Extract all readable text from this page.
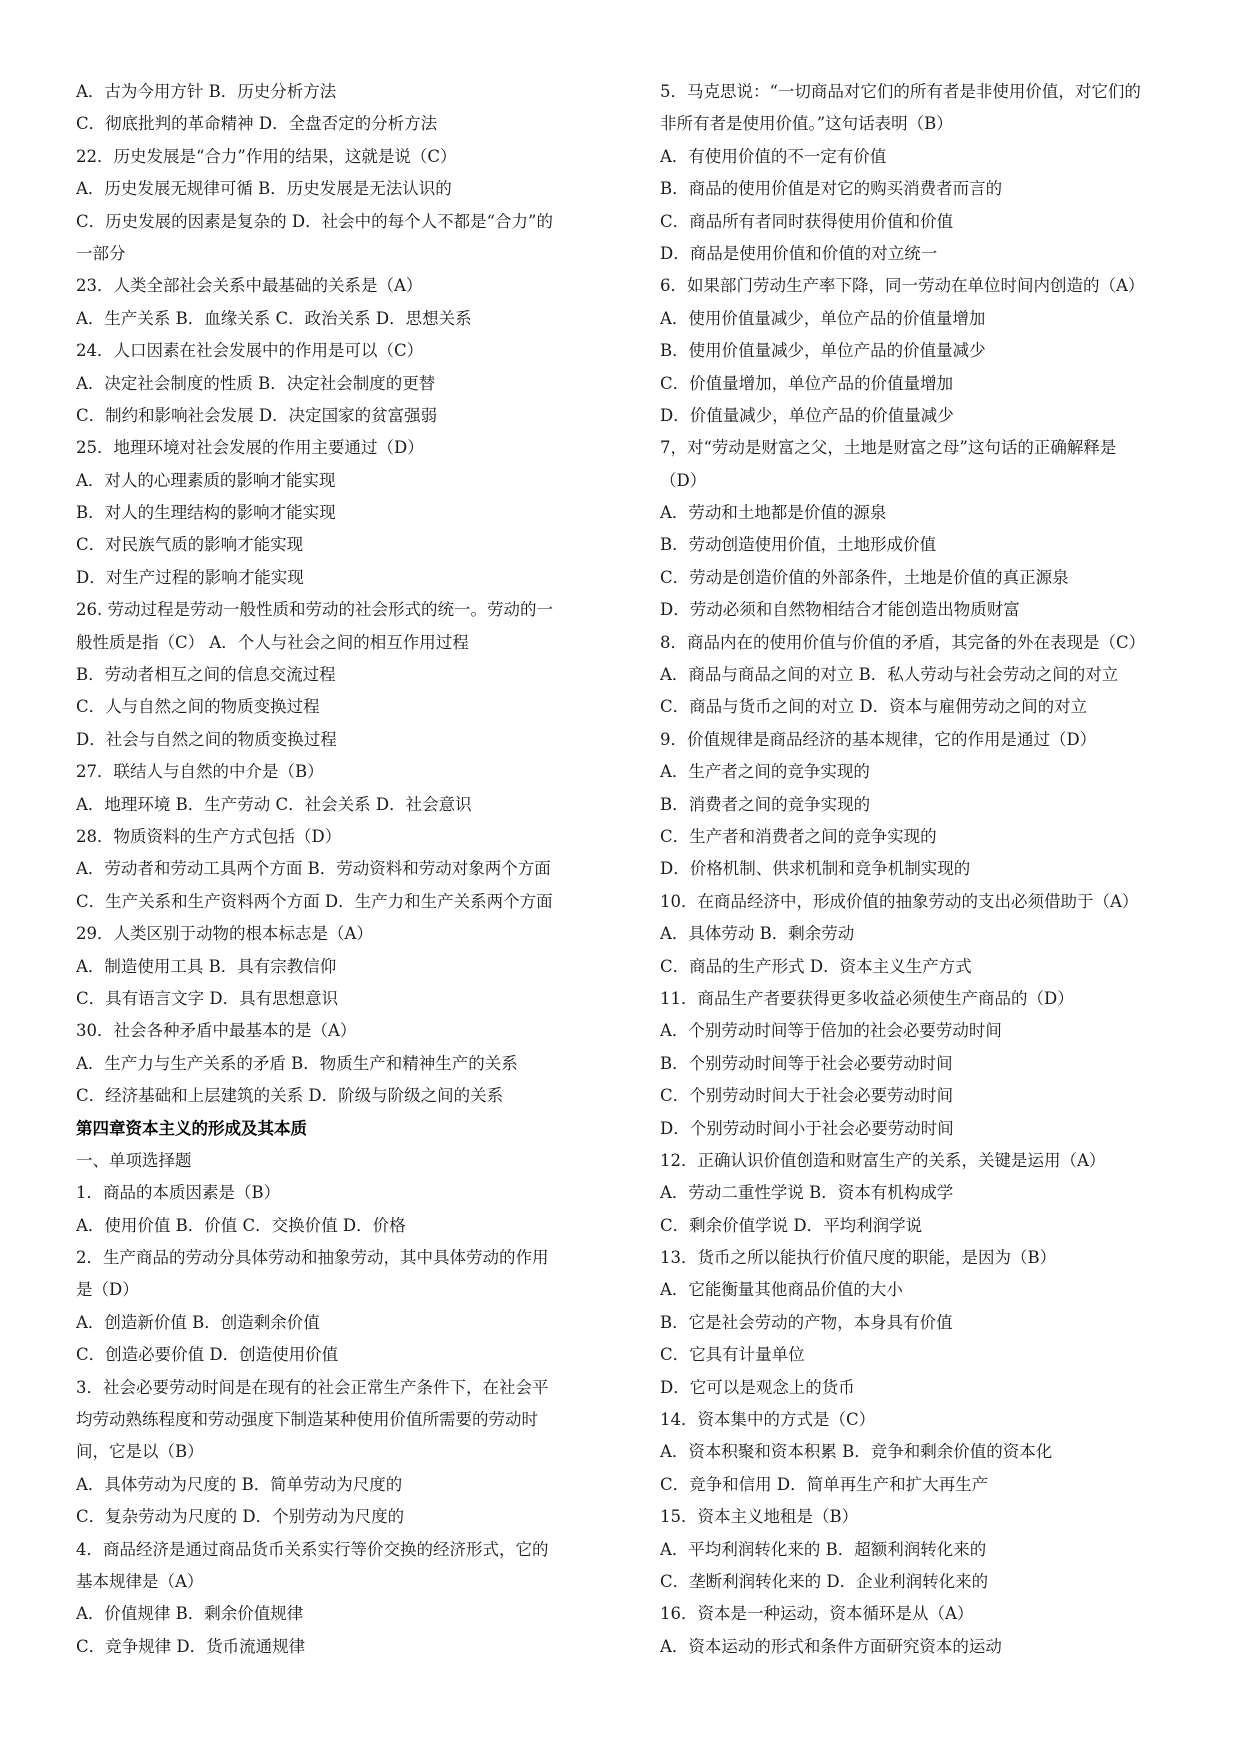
A．古为今用方针 B．历史分析方法
C．彻底批判的革命精神 D．全盘否定的分析方法
22．历史发展是“合力”作用的结果，这就是说（C）
A．历史发展无规律可循 B．历史发展是无法认识的
C．历史发展的因素是复杂的 D．社会中的每个人不都是“合力”的
一部分
23．人类全部社会关系中最基础的关系是（A）
A．生产关系 B．血缘关系 C．政治关系 D．思想关系
24．人口因素在社会发展中的作用是可以（C）
A．决定社会制度的性质 B．决定社会制度的更替
C．制约和影响社会发展 D．决定国家的贫富强弱
25．地理环境对社会发展的作用主要通过（D）
A．对人的心理素质的影响才能实现
B．对人的生理结构的影响才能实现
C．对民族气质的影响才能实现
D．对生产过程的影响才能实现
26. 劳动过程是劳动一般性质和劳动的社会形式的统一。劳动的一
般性质是指（C） A．个人与社会之间的相互作用过程
B．劳动者相互之间的信息交流过程
C．人与自然之间的物质变换过程
D．社会与自然之间的物质变换过程
27．联结人与自然的中介是（B）
A．地理环境 B．生产劳动 C．社会关系 D．社会意识
28．物质资料的生产方式包括（D）
A．劳动者和劳动工具两个方面 B．劳动资料和劳动对象两个方面
C．生产关系和生产资料两个方面 D．生产力和生产关系两个方面
29．人类区别于动物的根本标志是（A）
A．制造使用工具 B．具有宗教信仰
C．具有语言文字 D．具有思想意识
30．社会各种矛盾中最基本的是（A）
A．生产力与生产关系的矛盾 B．物质生产和精神生产的关系
C．经济基础和上层建筑的关系 D．阶级与阶级之间的关系
第四章资本主义的形成及其本质
一、单项选择题
1．商品的本质因素是（B）
A．使用价值 B．价值 C．交换价值 D．价格
2．生产商品的劳动分具体劳动和抽象劳动，其中具体劳动的作用
是（D）
A．创造新价值 B．创造剩余价值
C．创造必要价值 D．创造使用价值
3．社会必要劳动时间是在现有的社会正常生产条件下，在社会平
均劳动熟练程度和劳动强度下制造某种使用价值所需要的劳动时
间，它是以（B）
A．具体劳动为尺度的 B．简单劳动为尺度的
C．复杂劳动为尺度的 D．个别劳动为尺度的
4．商品经济是通过商品货币关系实行等价交换的经济形式，它的
基本规律是（A）
A．价值规律 B．剩余价值规律
C．竞争规律 D．货币流通规律
5．马克思说：“一切商品对它们的所有者是非使用价值，对它们的
非所有者是使用价值。”这句话表明（B）
A．有使用价值的不一定有价值
B．商品的使用价值是对它的购买消费者而言的
C．商品所有者同时获得使用价值和价值
D．商品是使用价值和价值的对立统一
6．如果部门劳动生产率下降，同一劳动在单位时间内创造的（A）
A．使用价值量减少，单位产品的价值量增加
B．使用价值量减少，单位产品的价值量减少
C．价值量增加，单位产品的价值量增加
D．价值量减少，单位产品的价值量减少
7，对“劳动是财富之父，土地是财富之母”这句话的正确解释是
（D）
A．劳动和土地都是价值的源泉
B．劳动创造使用价值，土地形成价值
C．劳动是创造价值的外部条件，土地是价值的真正源泉
D．劳动必须和自然物相结合才能创造出物质财富
8．商品内在的使用价值与价值的矛盾，其完备的外在表现是（C）
A．商品与商品之间的对立 B．私人劳动与社会劳动之间的对立
C．商品与货币之间的对立 D．资本与雇佣劳动之间的对立
9．价值规律是商品经济的基本规律，它的作用是通过（D）
A．生产者之间的竞争实现的
B．消费者之间的竞争实现的
C．生产者和消费者之间的竞争实现的
D．价格机制、供求机制和竞争机制实现的
10．在商品经济中，形成价值的抽象劳动的支出必须借助于（A）
A．具体劳动 B．剩余劳动
C．商品的生产形式 D．资本主义生产方式
11．商品生产者要获得更多收益必须使生产商品的（D）
A．个别劳动时间等于倍加的社会必要劳动时间
B．个别劳动时间等于社会必要劳动时间
C．个别劳动时间大于社会必要劳动时间
D．个别劳动时间小于社会必要劳动时间
12．正确认识价值创造和财富生产的关系，关键是运用（A）
A．劳动二重性学说 B．资本有机构成学
C．剩余价值学说 D．平均利润学说
13．货币之所以能执行价值尺度的职能，是因为（B）
A．它能衡量其他商品价值的大小
B．它是社会劳动的产物，本身具有价值
C．它具有计量单位
D．它可以是观念上的货币
14．资本集中的方式是（C）
A．资本积聚和资本积累 B．竞争和剩余价值的资本化
C．竞争和信用 D．简单再生产和扩大再生产
15．资本主义地租是（B）
A．平均利润转化来的 B．超额利润转化来的
C．垄断利润转化来的 D．企业利润转化来的
16．资本是一种运动，资本循环是从（A）
A．资本运动的形式和条件方面研究资本的运动
